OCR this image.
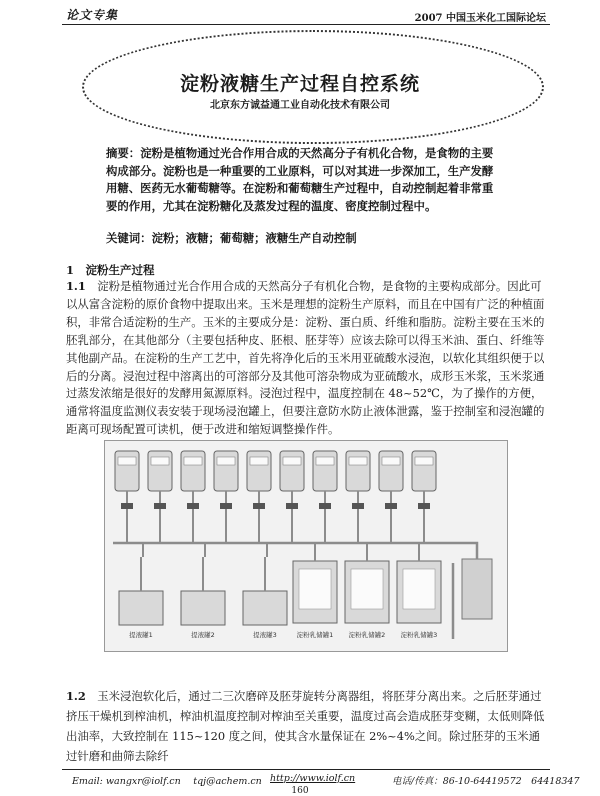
论文专集	2007 中国玉米化工国际论坛
淀粉液糖生产过程自控系统
北京东方诚益通工业自动化技术有限公司
摘要：淀粉是植物通过光合作用合成的天然高分子有机化合物，是食物的主要构成部分。淀粉也是一种重要的工业原料，可以对其进一步深加工，生产发酵用糖、医药无水葡萄糖等。在淀粉和葡萄糖生产过程中，自动控制起着非常重要的作用，尤其在淀粉糖化及蒸发过程的温度、密度控制过程中。
关键词：淀粉；液糖；葡萄糖；液糖生产自动控制
1　淀粉生产过程
1.1　 淀粉是植物通过光合作用合成的天然高分子有机化合物，是食物的主要构成部分。因此可以从富含淀粉的原价食物中提取出来。玉米是理想的淀粉生产原料，而且在中国有广泛的种植面积，非常合适淀粉的生产。玉米的主要成分是：淀粉、蛋白质、纤维和脂肪。淀粉主要在玉米的胚乳部分，在其他部分（主要包括种皮、胚根、胚芽等）应该去除可以得玉米油、蛋白、纤维等其他副产品。在淀粉的生产工艺中，首先将净化后的玉米用亚硫酸水浸泡，以软化其组织便于以后的分离。浸泡过程中溶离出的可溶部分及其他可溶杂物成为亚硫酸水，成形玉米浆，玉米浆通过蒸发浓缩是很好的发酵用氮源原料。浸泡过程中，温度控制在 48~52℃，为了操作的方便，通常将温度监测仪表安装于现场浸泡罐上，但要注意防水防止液体泄露，鉴于控制室和浸泡罐的距离可现场配置可读机，便于改进和缩短调整操作件。
提液罐1	提液罐2	提液罐3	淀粉乳储罐1 淀粉乳储罐2 淀粉乳储罐3
1.2　 玉米浸泡软化后，通过二三次磨碎及胚芽旋转分离器组，将胚芽分离出来。之后胚芽通过挤压干燥机到榨油机，榨油机温度控制对榨油至关重要，温度过高会造成胚芽变糊，太低则降低出油率，大致控制在 115~120 度之间，使其含水量保证在 2%~4%之间。除过胚芽的玉米通过针磨和曲筛去除纤
Email: wangxr@iolf.cn　 tqj@achem.cn http://www.iolf.cn	电话/传真：86-10-64419572　64418347
160
